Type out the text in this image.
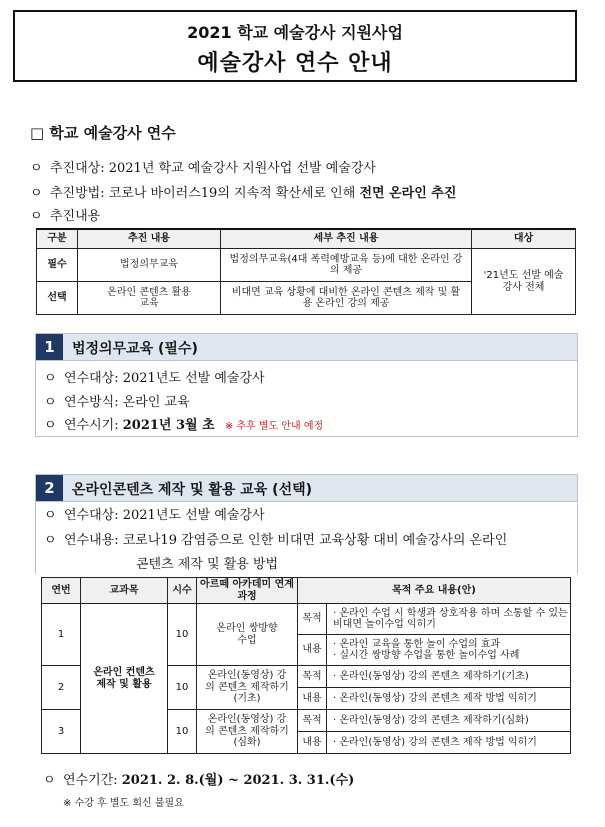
2021 학교 예술강사 지원사업
예술강사 연수 안내
□ 학교 예술강사 연수
ㅇ 추진대상: 2021년 학교 예술강사 지원사업 선발 예술강사
ㅇ 추진방법: 코로나 바이러스19의 지속적 확산세로 인해 전면 온라인 추진
ㅇ 추진내용
구분	추진 내용	세부 추진 내용	대상
필수	법정의무교육	법정의무교육(4대 폭력예방교육 등)에 대한 온라인 강의 제공	'21년도 선발 예술강사 전체
선택	온라인 콘텐츠 활용 교육	비대면 교육 상황에 대비한 온라인 콘텐츠 제작 및 활용 온라인 강의 제공	
1	법정의무교육 (필수)
ㅇ 연수대상: 2021년도 선발 예술강사
ㅇ 연수방식: 온라인 교육
ㅇ 연수시기: 2021년 3월 초 ※ 추후 별도 안내 예정
2	온라인콘텐츠 제작 및 활용 교육 (선택)
ㅇ 연수대상: 2021년도 선발 예술강사
ㅇ 연수내용: 코로나19 감염증으로 인한 비대면 교육상황 대비 예술강사의 온라인
콘텐츠 제작 및 활용 방법
연번	교과목	시수	아르떼 아카데미 연계과정	목적 주요 내용(안)	
1	온라인 컨텐츠 제작 및 활용	10	온라인 쌍방향 수업	목적	· 온라인 수업 시 학생과 상호작용 하며 소통할 수 있는 비대면 놀이수업 익히기
				내용	· 온라인 교육을 통한 놀이 수업의 효과
· 실시간 쌍방향 수업을 통한 놀이수업 사례

2		10	온라인(동영상) 강의 콘텐츠 제작하기(기초)	목적	· 온라인(동영상) 강의 콘텐츠 제작하기(기초)
				내용	· 온라인(동영상) 강의 콘텐츠 제작 방법 익히기
3		10	온라인(동영상) 강의 콘텐츠 제작하기(심화)	목적	· 온라인(동영상) 강의 콘텐츠 제작하기(심화)
				내용	· 온라인(동영상) 강의 콘텐츠 제작 방법 익히기
ㅇ 연수기간: 2021. 2. 8.(월) ~ 2021. 3. 31.(수)
※ 수강 후 별도 회신 불필요
